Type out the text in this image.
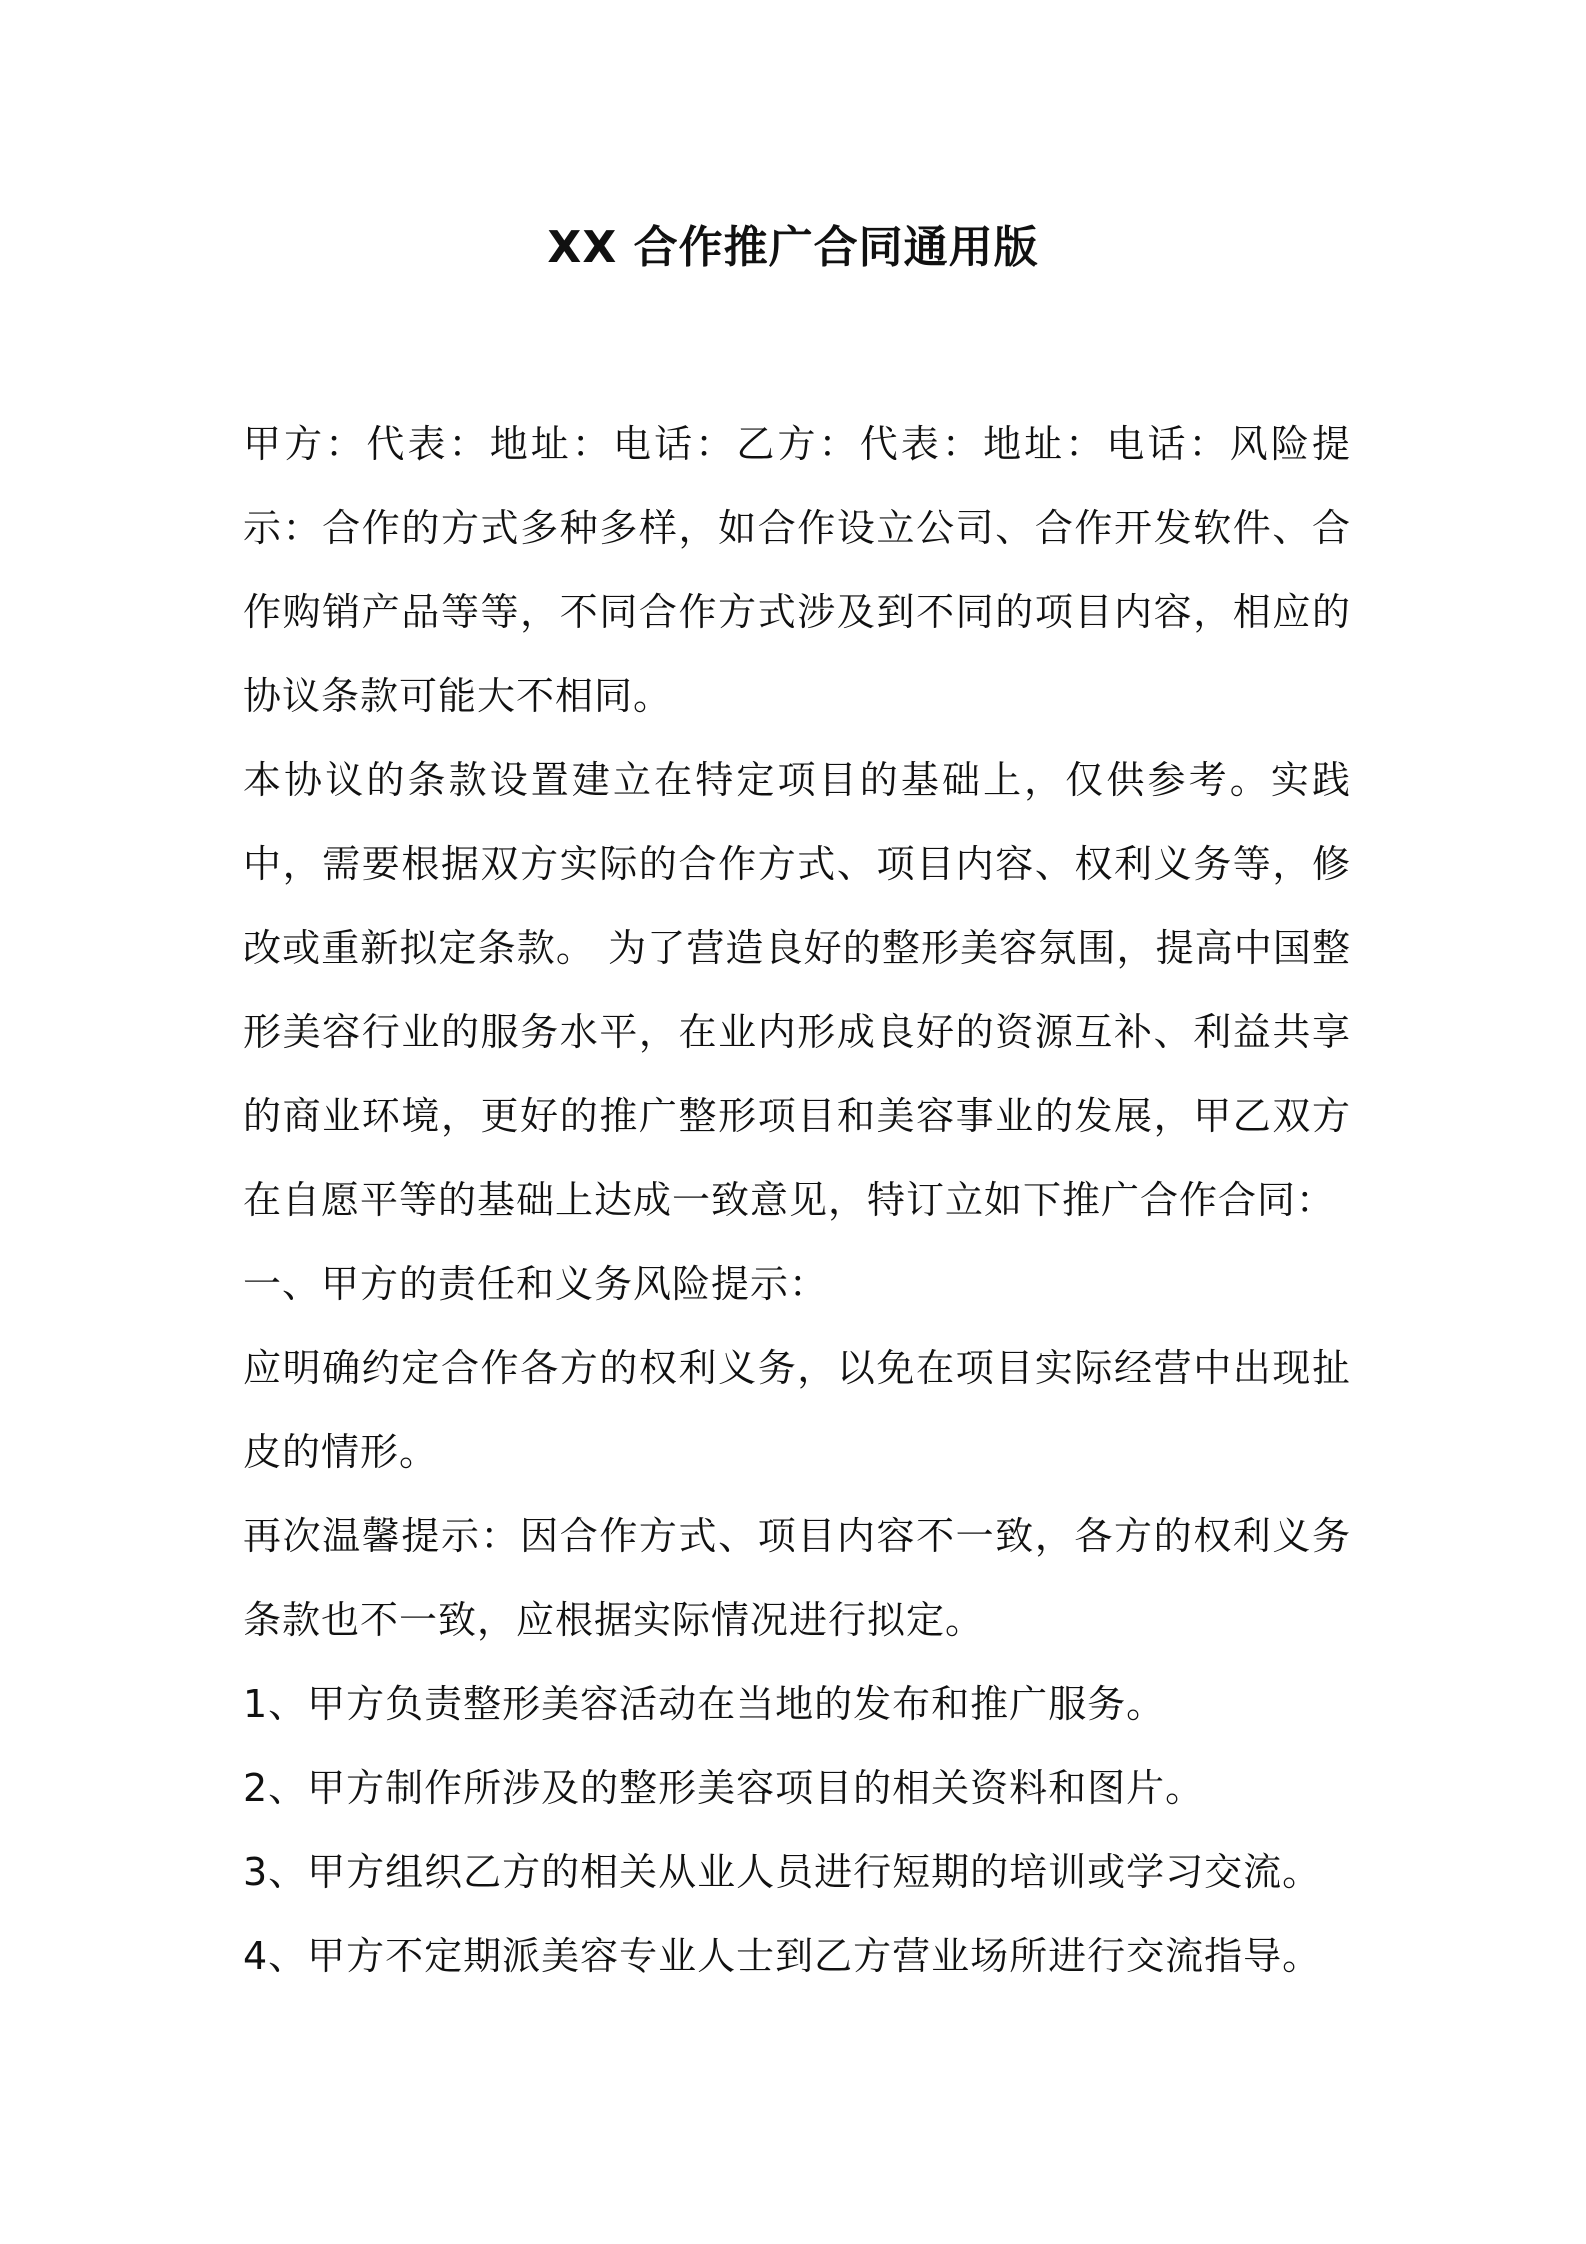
XX 合作推广合同通用版

甲方：代表：地址：电话：乙方：代表：地址：电话：风险提示：合作的方式多种多样，如合作设立公司、合作开发软件、合作购销产品等等，不同合作方式涉及到不同的项目内容，相应的协议条款可能大不相同。

本协议的条款设置建立在特定项目的基础上，仅供参考。实践中，需要根据双方实际的合作方式、项目内容、权利义务等，修改或重新拟定条款。 为了营造良好的整形美容氛围，提高中国整形美容行业的服务水平，在业内形成良好的资源互补、利益共享的商业环境，更好的推广整形项目和美容事业的发展，甲乙双方在自愿平等的基础上达成一致意见，特订立如下推广合作合同：

一、甲方的责任和义务风险提示：

应明确约定合作各方的权利义务，以免在项目实际经营中出现扯皮的情形。

再次温馨提示：因合作方式、项目内容不一致，各方的权利义务条款也不一致，应根据实际情况进行拟定。

1、甲方负责整形美容活动在当地的发布和推广服务。

2、甲方制作所涉及的整形美容项目的相关资料和图片。

3、甲方组织乙方的相关从业人员进行短期的培训或学习交流。

4、甲方不定期派美容专业人士到乙方营业场所进行交流指导。
